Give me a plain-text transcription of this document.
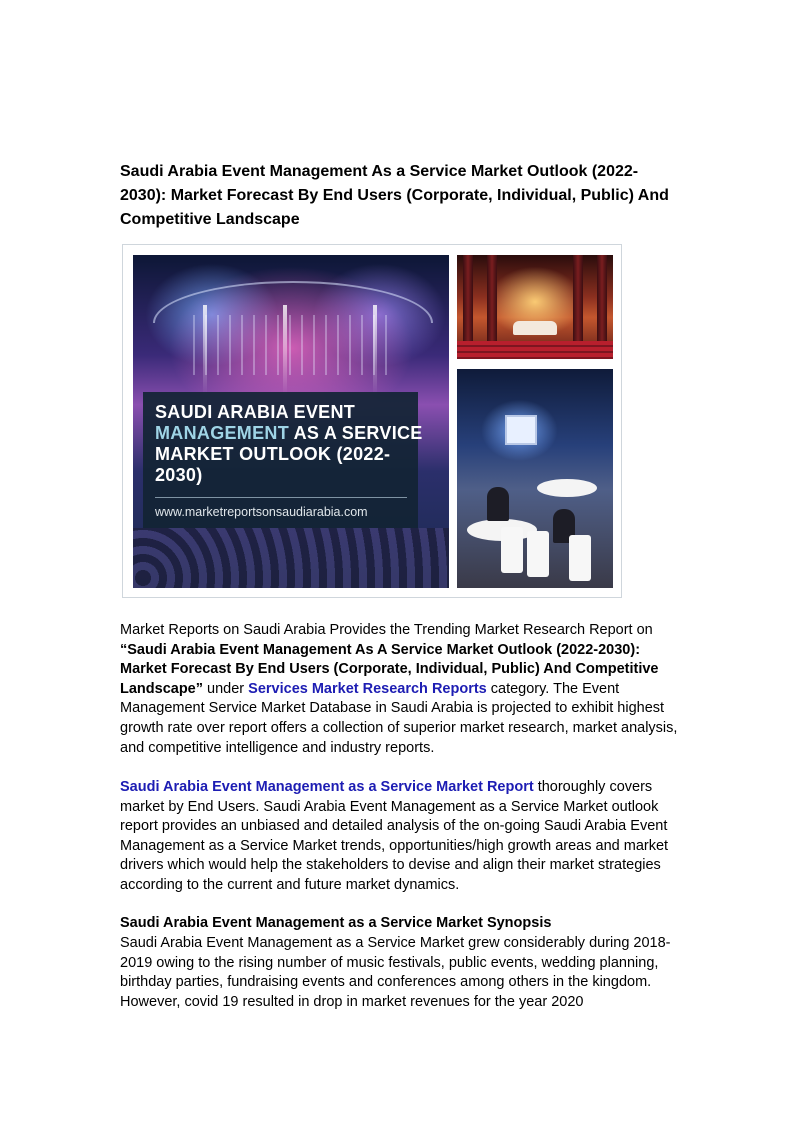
Saudi Arabia Event Management As a Service Market Outlook (2022-2030): Market Forecast By End Users (Corporate, Individual, Public) And Competitive Landscape

SAUDI ARABIA EVENT

MANAGEMENT AS A SERVICE

MARKET OUTLOOK (2022-

2030)

www.marketreportsonsaudiarabia.com

Market Reports on Saudi Arabia Provides the Trending Market Research Report on “Saudi Arabia Event Management As A Service Market Outlook (2022-2030): Market Forecast By End Users (Corporate, Individual, Public) And Competitive Landscape” under Services Market Research Reports category. The Event Management Service Market Database in Saudi Arabia is projected to exhibit highest growth rate over report offers a collection of superior market research, market analysis, and competitive intelligence and industry reports.

Saudi Arabia Event Management as a Service Market Report thoroughly covers market by End Users. Saudi Arabia Event Management as a Service Market outlook report provides an unbiased and detailed analysis of the on-going Saudi Arabia Event Management as a Service Market trends, opportunities/high growth areas and market drivers which would help the stakeholders to devise and align their market strategies according to the current and future market dynamics.

Saudi Arabia Event Management as a Service Market Synopsis

Saudi Arabia Event Management as a Service Market grew considerably during 2018-2019 owing to the rising number of music festivals, public events, wedding planning, birthday parties, fundraising events and conferences among others in the kingdom. However, covid 19 resulted in drop in market revenues for the year 2020
